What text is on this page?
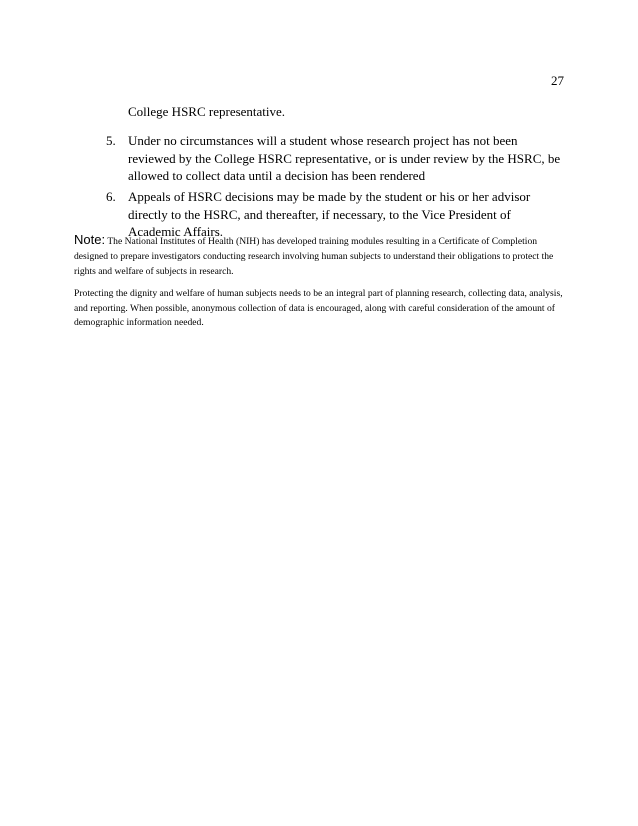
27
College HSRC representative.
5. Under no circumstances will a student whose research project has not been reviewed by the College HSRC representative, or is under review by the HSRC, be allowed to collect data until a decision has been rendered
6. Appeals of HSRC decisions may be made by the student or his or her advisor directly to the HSRC, and thereafter, if necessary, to the Vice President of Academic Affairs.
Note: The National Institutes of Health (NIH) has developed training modules resulting in a Certificate of Completion designed to prepare investigators conducting research involving human subjects to understand their obligations to protect the rights and welfare of subjects in research.
Protecting the dignity and welfare of human subjects needs to be an integral part of planning research, collecting data, analysis, and reporting. When possible, anonymous collection of data is encouraged, along with careful consideration of the amount of demographic information needed.
